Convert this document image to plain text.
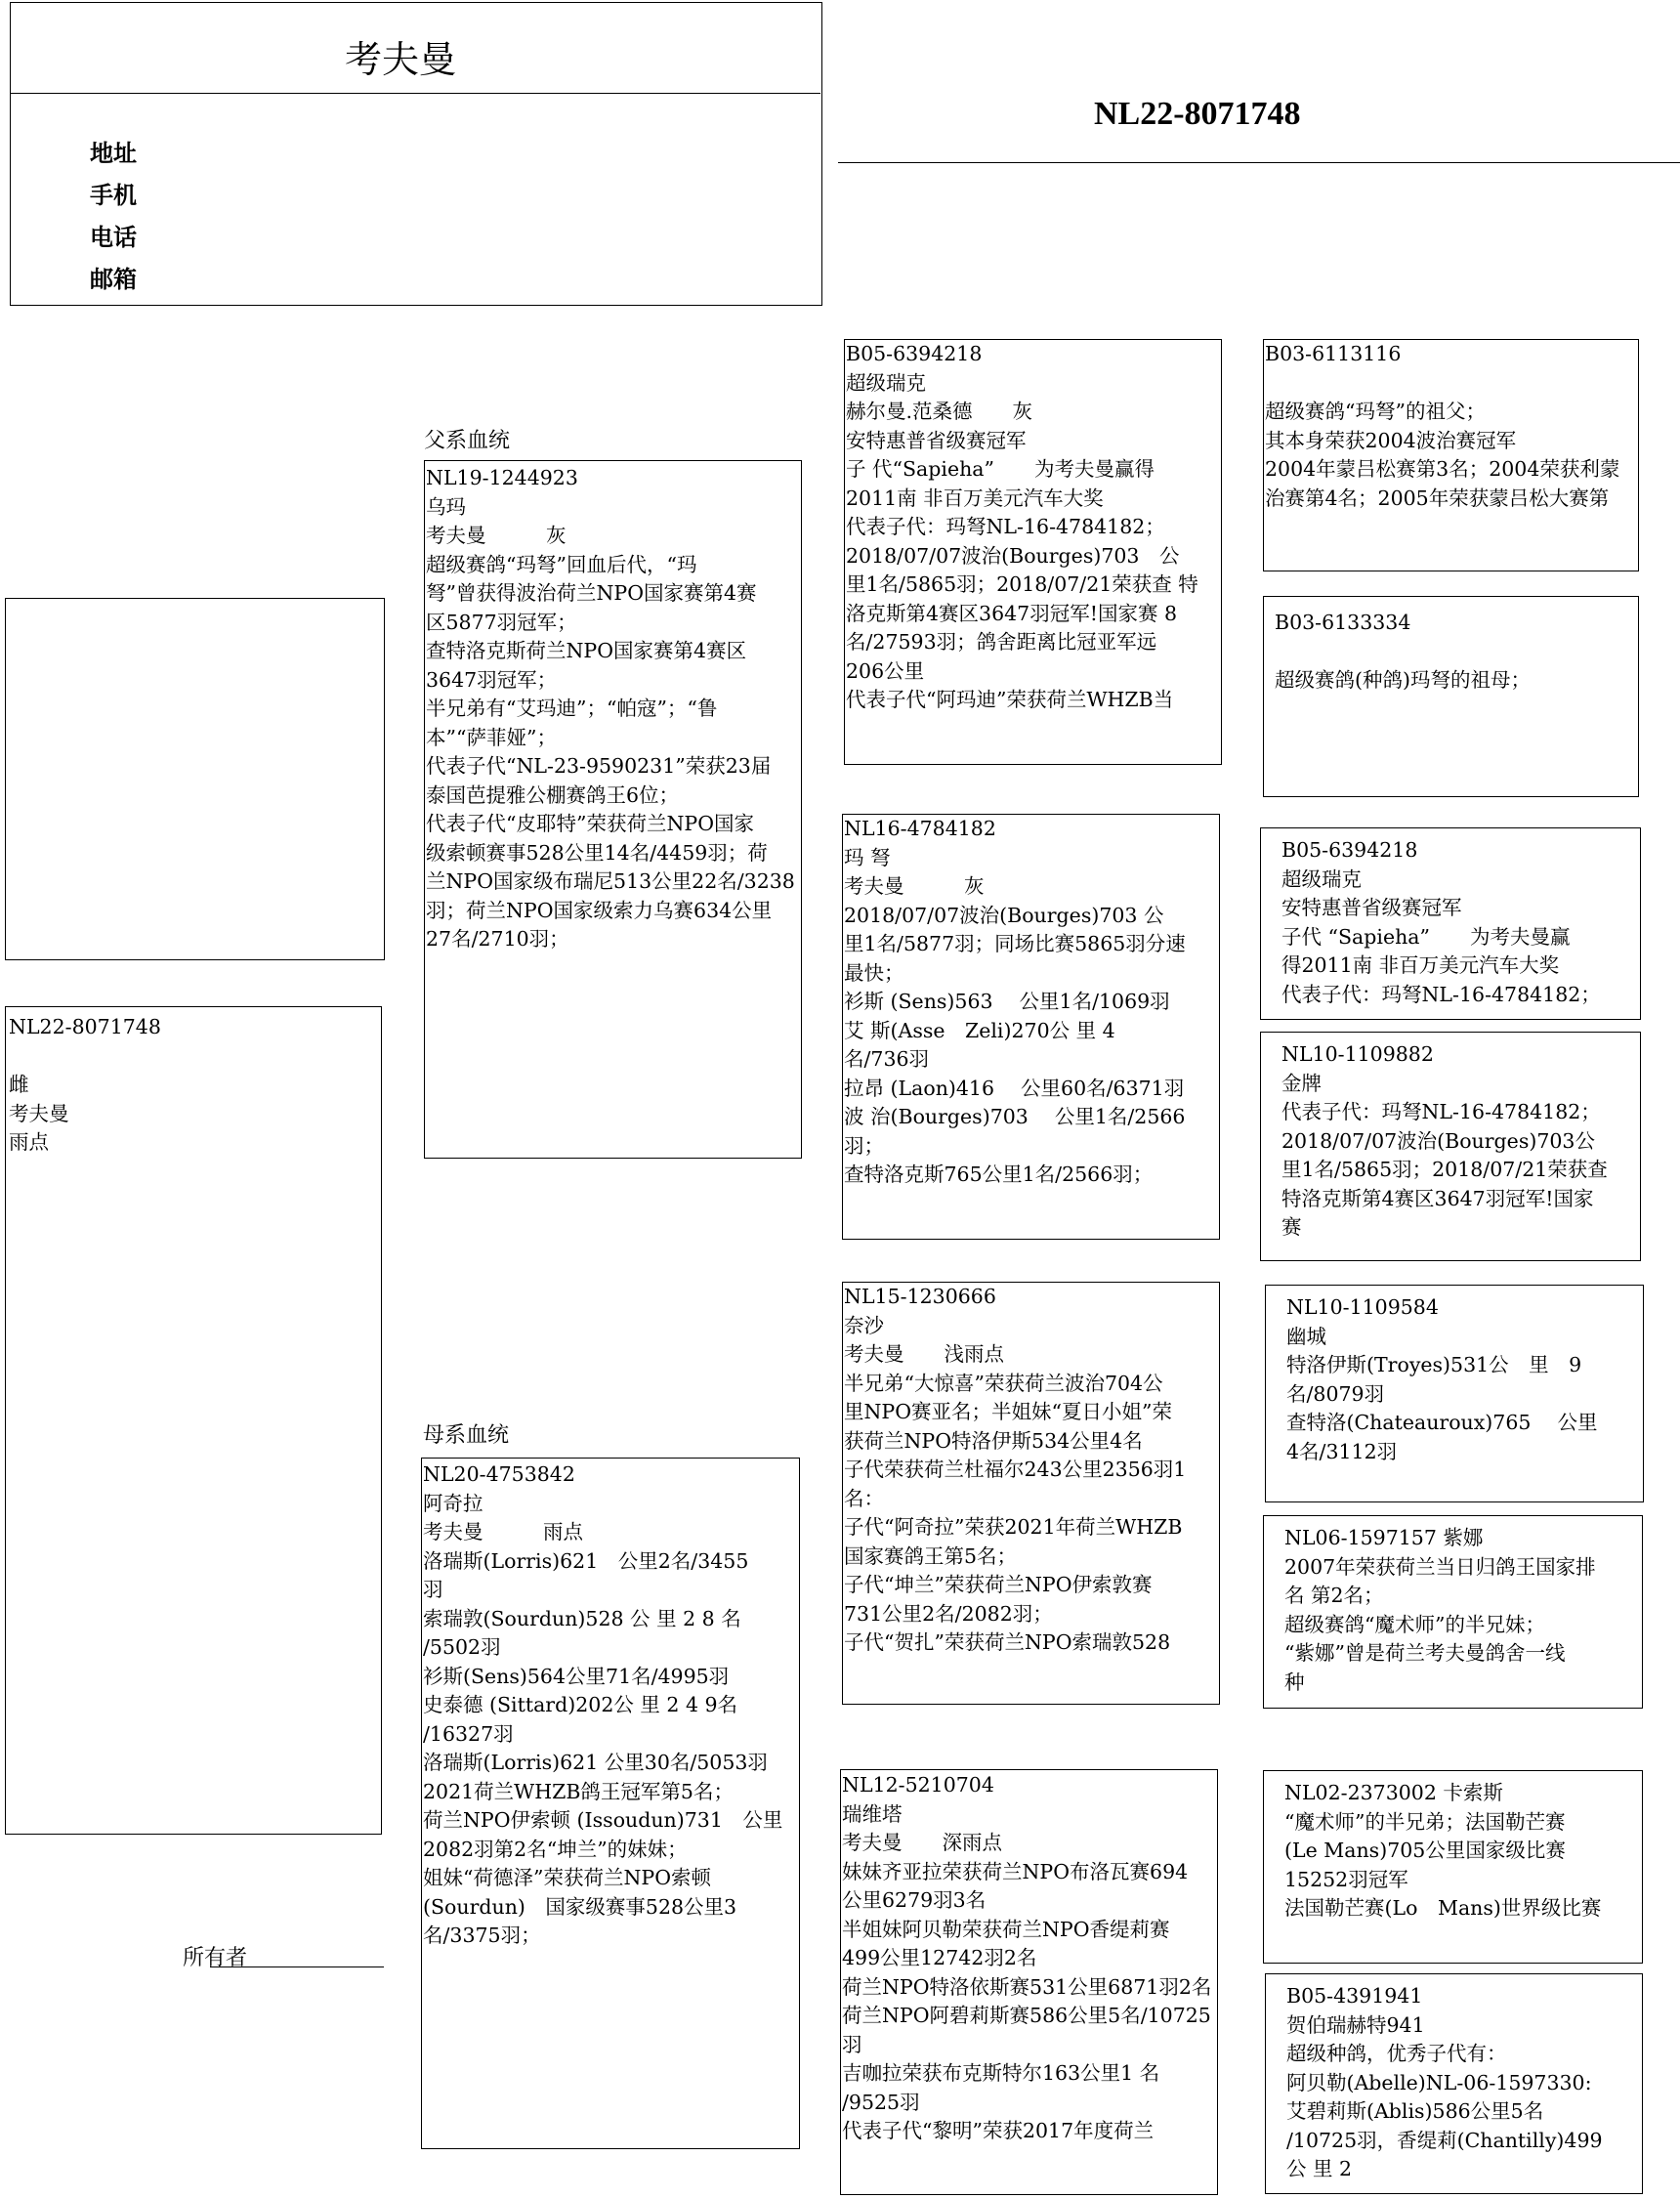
考夫曼
地址
手机
电话
邮箱
NL22-8071748
NL22-8071748

雌
考夫曼
雨点
父系血统
母系血统
NL19-1244923
乌玛
考夫曼　　　灰
超级赛鸽“玛弩”回血后代，“玛
弩”曾获得波治荷兰NPO国家赛第4赛
区5877羽冠军；
查特洛克斯荷兰NPO国家赛第4赛区
3647羽冠军；
半兄弟有“艾玛迪”；“帕寇”；“鲁
本”“萨菲娅”；
代表子代“NL-23-9590231”荣获23届
泰国芭提雅公棚赛鸽王6位；
代表子代“皮耶特”荣获荷兰NPO国家
级索顿赛事528公里14名/4459羽；荷
兰NPO国家级布瑞尼513公里22名/3238
羽；荷兰NPO国家级索力乌赛634公里
27名/2710羽；
NL20-4753842
阿奇拉
考夫曼　　　雨点
洛瑞斯(Lorris)621　公里2名/3455
羽
索瑞敦(Sourdun)528 公 里 2 8 名
/5502羽
衫斯(Sens)564公里71名/4995羽
史泰德 (Sittard)202公 里 2 4 9名
/16327羽
洛瑞斯(Lorris)621 公里30名/5053羽
2021荷兰WHZB鸽王冠军第5名；
荷兰NPO伊索顿 (Issoudun)731　公里
2082羽第2名“坤兰”的妹妹；
姐妹“荷德泽”荣获荷兰NPO索顿
(Sourdun)　国家级赛事528公里3
名/3375羽；
B05-6394218
超级瑞克
赫尔曼.范桑德　　灰
安特惠普省级赛冠军
子 代“Sapieha”　　为考夫曼赢得
2011南 非百万美元汽车大奖
代表子代：玛弩NL-16-4784182；
2018/07/07波治(Bourges)703　公
里1名/5865羽；2018/07/21荣获查 特
洛克斯第4赛区3647羽冠军!国家赛 8
名/27593羽；鸽舍距离比冠亚军远
206公里
代表子代“阿玛迪”荣获荷兰WHZB当
NL16-4784182
玛 弩
考夫曼　　　灰
2018/07/07波治(Bourges)703 公
里1名/5877羽；同场比赛5865羽分速
最快；
衫斯 (Sens)563　 公里1名/1069羽
艾 斯(Asse　Zeli)270公 里 4
名/736羽
拉昂 (Laon)416　 公里60名/6371羽
波 治(Bourges)703　 公里1名/2566
羽；
查特洛克斯765公里1名/2566羽；
NL15-1230666
奈沙
考夫曼　　浅雨点
半兄弟“大惊喜”荣获荷兰波治704公
里NPO赛亚名；半姐妹“夏日小姐”荣
获荷兰NPO特洛伊斯534公里4名
子代荣获荷兰杜福尔243公里2356羽1
名：
子代“阿奇拉”荣获2021年荷兰WHZB
国家赛鸽王第5名；
子代“坤兰”荣获荷兰NPO伊索敦赛
731公里2名/2082羽；
子代“贺扎”荣获荷兰NPO索瑞敦528
NL12-5210704
瑞维塔
考夫曼　　深雨点
妹妹齐亚拉荣获荷兰NPO布洛瓦赛694
公里6279羽3名
半姐妹阿贝勒荣获荷兰NPO香缇莉赛
499公里12742羽2名
荷兰NPO特洛依斯赛531公里6871羽2名
荷兰NPO阿碧莉斯赛586公里5名/10725
羽
吉咖拉荣获布克斯特尔163公里1 名
/9525羽
代表子代“黎明”荣获2017年度荷兰
B03-6113116

超级赛鸽“玛弩”的祖父；
其本身荣获2004波治赛冠军
2004年蒙吕松赛第3名；2004荣获利蒙
治赛第4名；2005年荣获蒙吕松大赛第
B03-6133334

超级赛鸽(种鸽)玛弩的祖母；
B05-6394218
超级瑞克
安特惠普省级赛冠军
子代 “Sapieha”　　为考夫曼赢
得2011南 非百万美元汽车大奖
代表子代：玛弩NL-16-4784182；
NL10-1109882
金牌
代表子代：玛弩NL-16-4784182；
2018/07/07波治(Bourges)703公
里1名/5865羽；2018/07/21荣获查
特洛克斯第4赛区3647羽冠军!国家
赛
NL10-1109584
幽城
特洛伊斯(Troyes)531公　里　9
名/8079羽
查特洛(Chateauroux)765　 公里
4名/3112羽
NL06-1597157 紫娜
2007年荣获荷兰当日归鸽王国家排
名 第2名；
超级赛鸽“魔术师”的半兄妹；
“紫娜”曾是荷兰考夫曼鸽舍一线
种
NL02-2373002 卡索斯
“魔术师”的半兄弟；法国勒芒赛
(Le Mans)705公里国家级比赛
15252羽冠军
法国勒芒赛(Lo　Mans)世界级比赛
B05-4391941
贺伯瑞赫特941
超级种鸽，优秀子代有：
阿贝勒(Abelle)NL-06-1597330:
艾碧莉斯(Ablis)586公里5名
/10725羽，香缇莉(Chantilly)499
公 里 2
所有者
